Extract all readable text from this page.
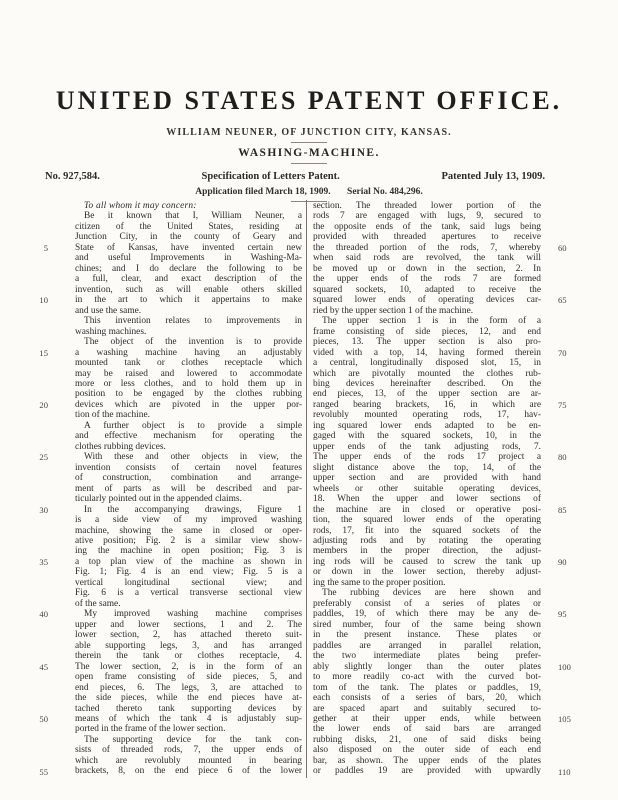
UNITED STATES PATENT OFFICE.
WILLIAM NEUNER, OF JUNCTION CITY, KANSAS.
WASHING-MACHINE.
No. 927,584.	Specification of Letters Patent.	Patented July 13, 1909.
Application filed March 18, 1909. Serial No. 484,296.
To all whom it may concern:
Be it known that I, William Neuner, a
citizen of the United States, residing at
Junction City, in the county of Geary and
State of Kansas, have invented certain new
5
and useful Improvements in Washing-Ma-
chines; and I do declare the following to be
a full, clear, and exact description of the
invention, such as will enable others skilled
in the art to which it appertains to make
10
and use the same.
This invention relates to improvements in
washing machines.
The object of the invention is to provide
a washing machine having an adjustably
15
mounted tank or clothes receptacle which
may be raised and lowered to accommodate
more or less clothes, and to hold them up in
position to be engaged by the clothes rubbing
devices which are pivoted in the upper por-
20
tion of the machine.
A further object is to provide a simple
and effective mechanism for operating the
clothes rubbing devices.
With these and other objects in view, the
25
invention consists of certain novel features
of construction, combination and arrange-
ment of parts as will be described and par-
ticularly pointed out in the appended claims.
In the accompanying drawings, Figure 1
30
is a side view of my improved washing
machine, showing the same in closed or oper-
ative position; Fig. 2 is a similar view show-
ing the machine in open position; Fig. 3 is
a top plan view of the machine as shown in
35
Fig. 1; Fig. 4 is an end view; Fig. 5 is a
vertical longitudinal sectional view; and
Fig. 6 is a vertical transverse sectional view
of the same.
My improved washing machine comprises
40
upper and lower sections, 1 and 2. The
lower section, 2, has attached thereto suit-
able supporting legs, 3, and has arranged
therein the tank or clothes receptacle, 4.
The lower section, 2, is in the form of an
45
open frame consisting of side pieces, 5, and
end pieces, 6. The legs, 3, are attached to
the side pieces, while the end pieces have at-
tached thereto tank supporting devices by
means of which the tank 4 is adjustably sup-
50
ported in the frame of the lower section.
The supporting device for the tank con-
sists of threaded rods, 7, the upper ends of
which are revolubly mounted in bearing
brackets, 8, on the end piece 6 of the lower
55
section. The threaded lower portion of the
rods 7 are engaged with lugs, 9, secured to
the opposite ends of the tank, said lugs being
provided with threaded apertures to receive
the threaded portion of the rods, 7, whereby 60
when said rods are revolved, the tank will
be moved up or down in the section, 2. In
the upper ends of the rods 7 are formed
squared sockets, 10, adapted to receive the
squared lower ends of operating devices car- 65
ried by the upper section 1 of the machine.
The upper section 1 is in the form of a
frame consisting of side pieces, 12, and end
pieces, 13. The upper section is also pro-
vided with a top, 14, having formed therein 70
a central, longitudinally disposed slot, 15, in
which are pivotally mounted the clothes rub-
bing devices hereinafter described. On the
end pieces, 13, of the upper section are ar-
ranged bearing brackets, 16, in which are 75
revolubly mounted operating rods, 17, hav-
ing squared lower ends adapted to be en-
gaged with the squared sockets, 10, in the
upper ends of the tank adjusting rods, 7.
The upper ends of the rods 17 project a 80
slight distance above the top, 14, of the
upper section and are provided with hand
wheels or other suitable operating devices,
18. When the upper and lower sections of
the machine are in closed or operative posi- 85
tion, the squared lower ends of the operating
rods, 17, fit into the squared sockets of the
adjusting rods and by rotating the operating
members in the proper direction, the adjust-
ing rods will be caused to screw the tank up 90
or down in the lower section, thereby adjust-
ing the same to the proper position.
The rubbing devices are here shown and
preferably consist of a series of plates or
paddles, 19, of which there may be any de- 95
sired number, four of the same being shown
in the present instance. These plates or
paddles are arranged in parallel relation,
the two intermediate plates being prefer-
ably slightly longer than the outer plates 100
to more readily co-act with the curved bot-
tom of the tank. The plates or paddles, 19,
each consists of a series of bars, 20, which
are spaced apart and suitably secured to-
gether at their upper ends, while between 105
the lower ends of said bars are arranged
rubbing disks, 21, one of said disks being
also disposed on the outer side of each end
bar, as shown. The upper ends of the plates
or paddles 19 are provided with upwardly 110
